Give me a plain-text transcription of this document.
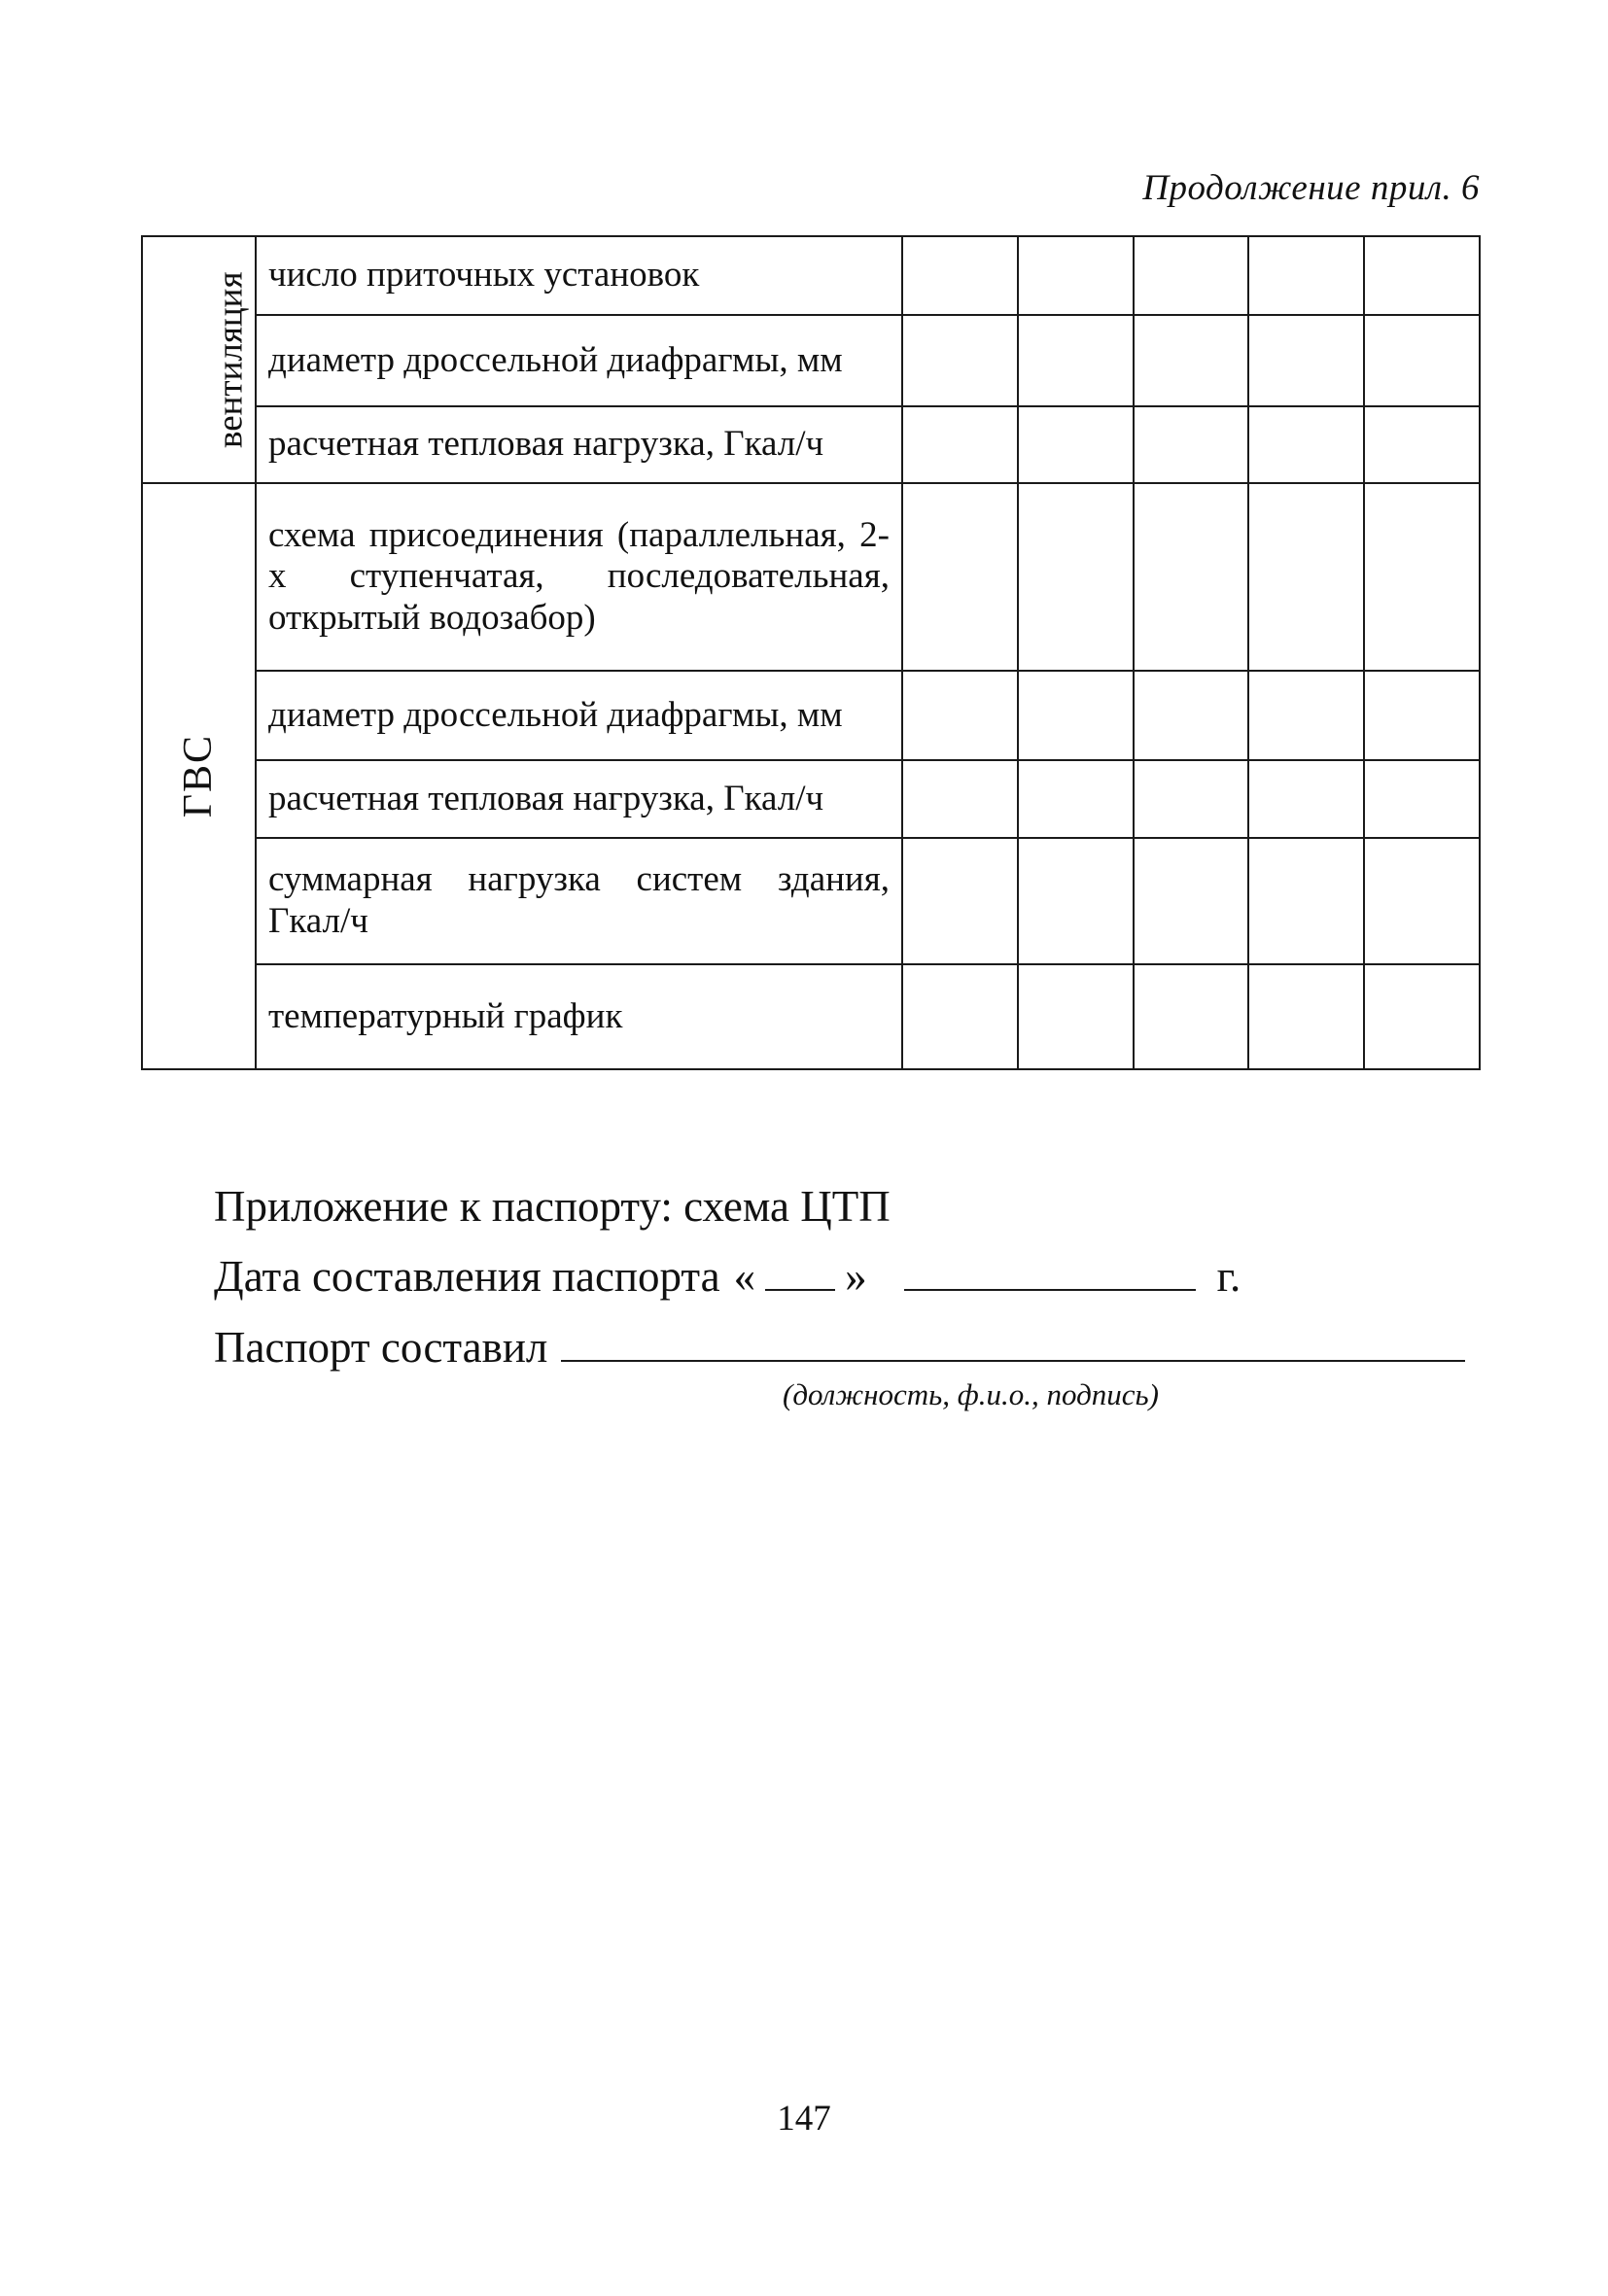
Продолжение прил. 6
вентиляция	число приточных установок					
	диаметр дроссельной диафрагмы, мм					
	расчетная тепловая нагрузка, Гкал/ч					
ГВС	схема присоединения (параллельная, 2-х ступенчатая, последовательная, открытый водозабор)					
	диаметр дроссельной диафрагмы, мм					
	расчетная тепловая нагрузка, Гкал/ч					
	суммарная нагрузка систем здания, Гкал/ч					
	температурный график					
Приложение к паспорту: схема ЦТП
Дата составления паспорта « »	г.
Паспорт составил
(должность, ф.и.о., подпись)
147
